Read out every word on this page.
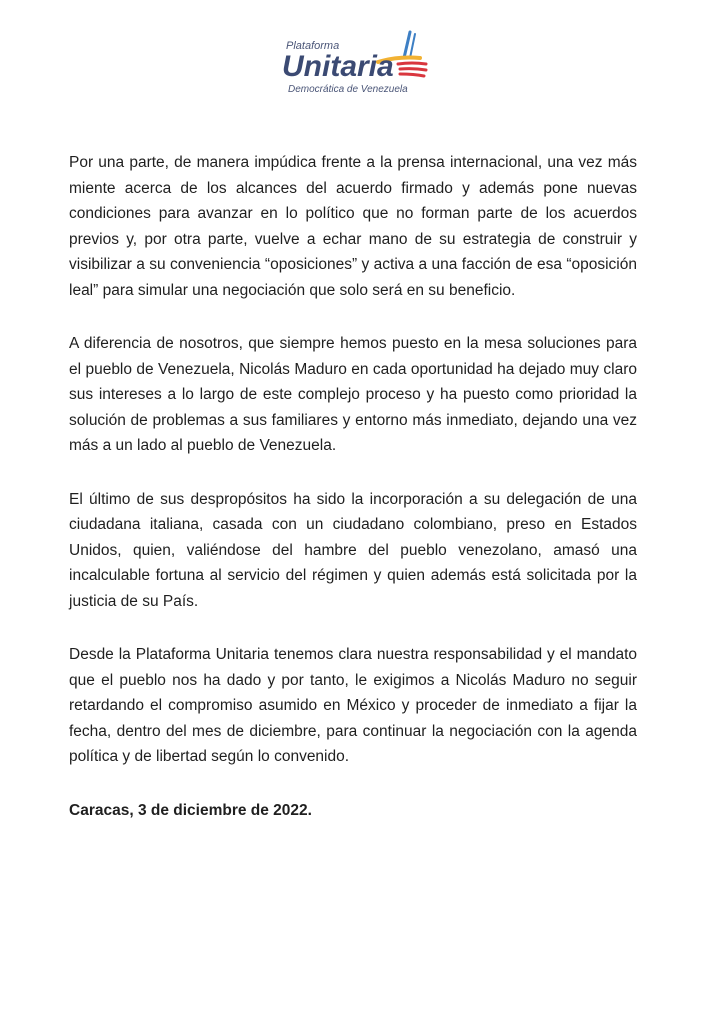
Plataforma
Unitaria
Democrática de Venezuela

Por una parte, de manera impúdica frente a la prensa internacional, una vez más miente acerca de los alcances del acuerdo firmado y además pone nuevas condiciones para avanzar en lo político que no forman parte de los acuerdos previos y, por otra parte, vuelve a echar mano de su estrategia de construir y visibilizar a su conveniencia “oposiciones” y activa a una facción de esa “oposición leal” para simular una negociación que solo será en su beneficio.

A diferencia de nosotros, que siempre hemos puesto en la mesa soluciones para el pueblo de Venezuela, Nicolás Maduro en cada oportunidad ha dejado muy claro sus intereses a lo largo de este complejo proceso y ha puesto como prioridad la solución de problemas a sus familiares y entorno más inmediato, dejando una vez más a un lado al pueblo de Venezuela.

El último de sus despropósitos ha sido la incorporación a su delegación de una ciudadana italiana, casada con un ciudadano colombiano, preso en Estados Unidos, quien, valiéndose del hambre del pueblo venezolano, amasó una incalculable fortuna al servicio del régimen y quien además está solicitada por la justicia de su País.

Desde la Plataforma Unitaria tenemos clara nuestra responsabilidad y el mandato que el pueblo nos ha dado y por tanto, le exigimos a Nicolás Maduro no seguir retardando el compromiso asumido en México y proceder de inmediato a fijar la fecha, dentro del mes de diciembre, para continuar la negociación con la agenda política y de libertad según lo convenido.

Caracas, 3 de diciembre de 2022.
